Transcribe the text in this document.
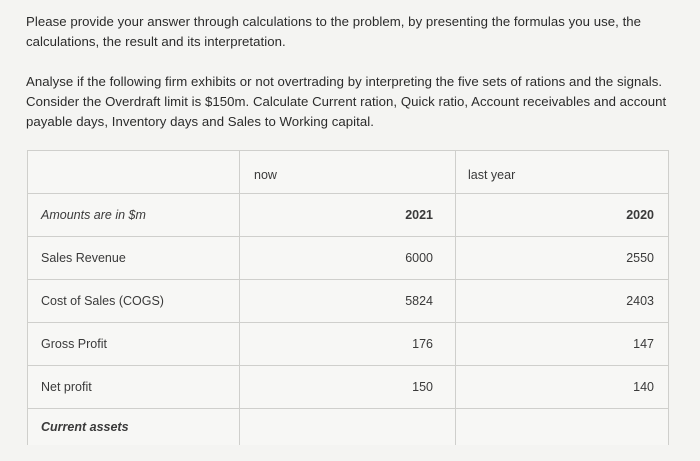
Please provide your answer through calculations to the problem, by presenting the formulas you use, the calculations, the result and its interpretation.
Analyse if the following firm exhibits or not overtrading by interpreting the five sets of rations and the signals. Consider the Overdraft limit is $150m. Calculate Current ration, Quick ratio, Account receivables and account payable days, Inventory days and Sales to Working capital.

	now	last year

Amounts are in $m	2021	2020
Sales Revenue	6000	2550
Cost of Sales (COGS)	5824	2403
Gross Profit	176	147
Net profit	150	140
Current assets		
